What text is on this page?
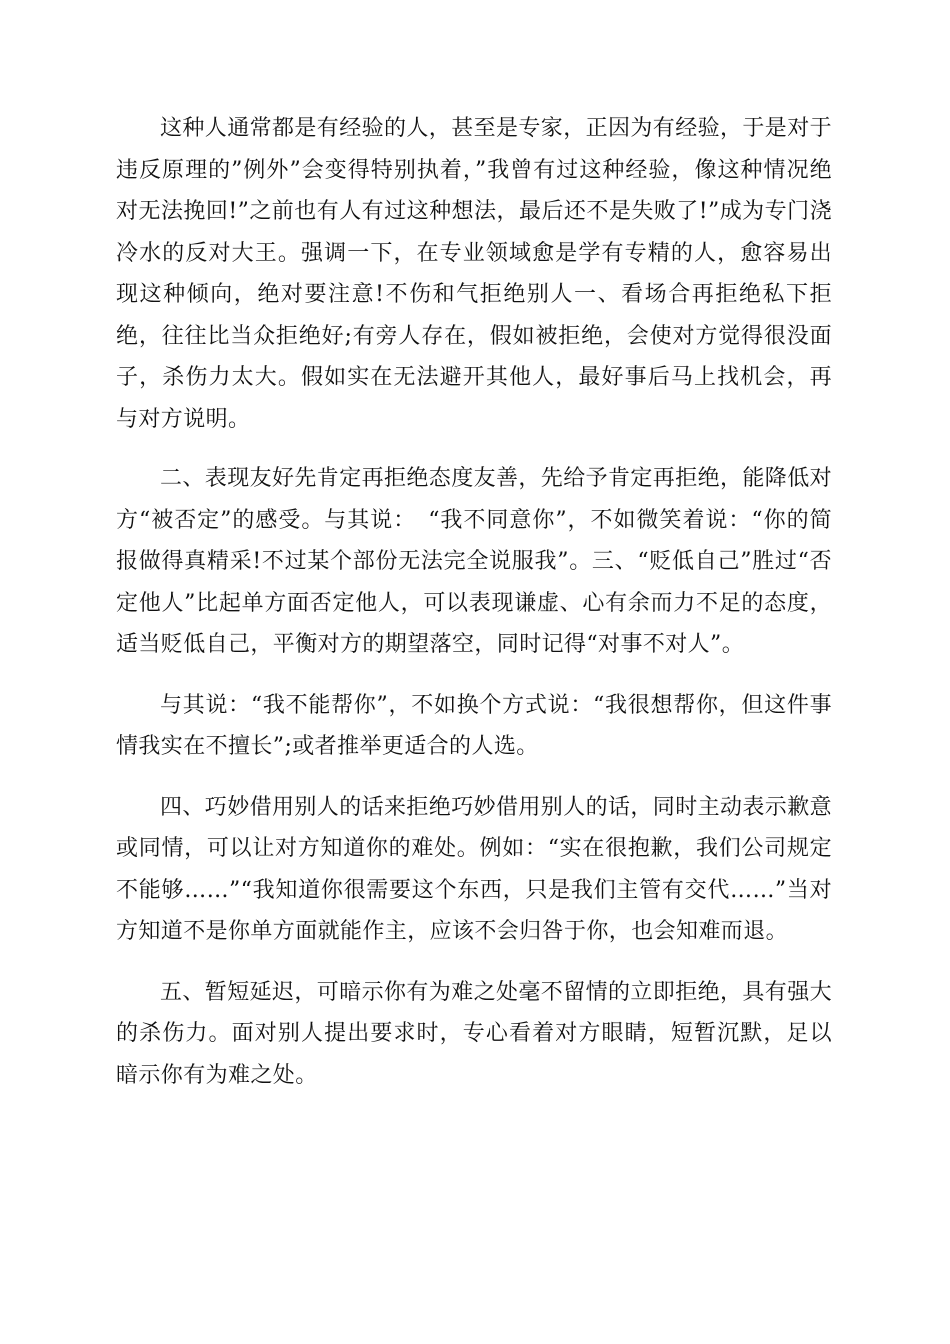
这种人通常都是有经验的人，甚至是专家，正因为有经验，于是对于违反原理的”例外”会变得特别执着，”我曾有过这种经验，像这种情况绝对无法挽回!”之前也有人有过这种想法，最后还不是失败了!”成为专门浇冷水的反对大王。强调一下，在专业领域愈是学有专精的人，愈容易出现这种倾向，绝对要注意!不伤和气拒绝别人一、看场合再拒绝私下拒绝，往往比当众拒绝好;有旁人存在，假如被拒绝，会使对方觉得很没面子，杀伤力太大。假如实在无法避开其他人，最好事后马上找机会，再与对方说明。

二、表现友好先肯定再拒绝态度友善，先给予肯定再拒绝，能降低对方“被否定”的感受。与其说：　“我不同意你”，不如微笑着说：“你的简报做得真精采!不过某个部份无法完全说服我”。三、“贬低自己”胜过“否定他人”比起单方面否定他人，可以表现谦虚、心有余而力不足的态度，适当贬低自己，平衡对方的期望落空，同时记得“对事不对人”。

与其说：“我不能帮你”，不如换个方式说：“我很想帮你，但这件事情我实在不擅长”;或者推举更适合的人选。

四、巧妙借用别人的话来拒绝巧妙借用别人的话，同时主动表示歉意或同情，可以让对方知道你的难处。例如：“实在很抱歉，我们公司规定不能够……”“我知道你很需要这个东西，只是我们主管有交代……”当对方知道不是你单方面就能作主，应该不会归咎于你，也会知难而退。

五、暂短延迟，可暗示你有为难之处毫不留情的立即拒绝，具有强大的杀伤力。面对别人提出要求时，专心看着对方眼睛，短暂沉默，足以暗示你有为难之处。
